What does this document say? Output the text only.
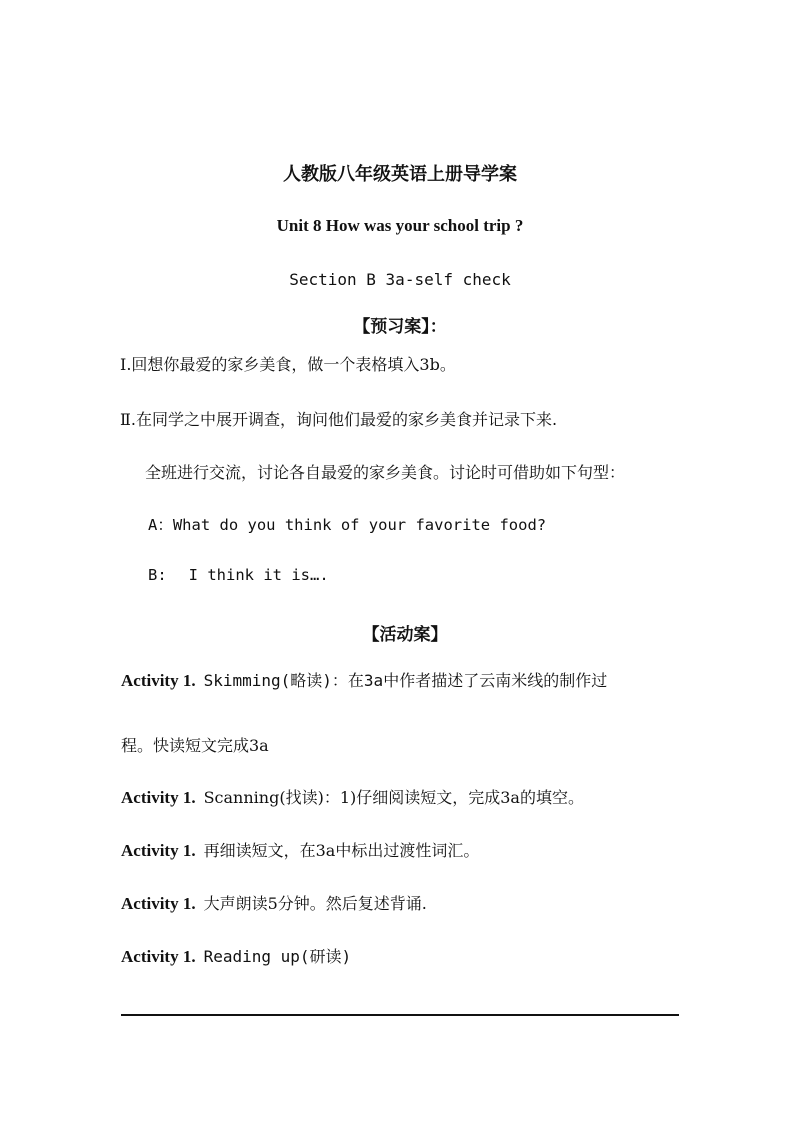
人教版八年级英语上册导学案
Unit 8 How was your school trip ?
Section B 3a-self check
【预习案】：
Ⅰ.回想你最爱的家乡美食，做一个表格填入3b。
Ⅱ.在同学之中展开调查，询问他们最爱的家乡美食并记录下来.
全班进行交流，讨论各自最爱的家乡美食。讨论时可借助如下句型：
A：What do you think of your favorite food?
B: I think it is….
【活动案】
Activity 1. Skimming(略读)：在3a中作者描述了云南米线的制作过
程。快读短文完成3a
Activity 1. Scanning(找读)：1)仔细阅读短文，完成3a的填空。
Activity 1. 再细读短文，在3a中标出过渡性词汇。
Activity 1. 大声朗读5分钟。然后复述背诵.
Activity 1. Reading up(研读)
